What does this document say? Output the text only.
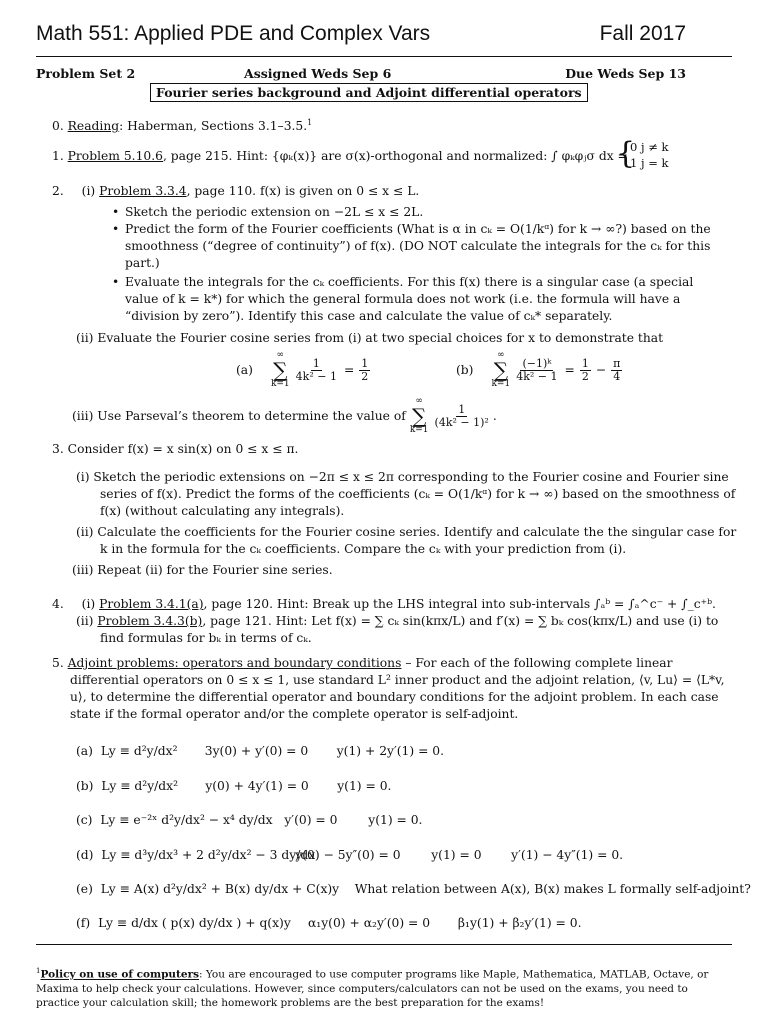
Math 551: Applied PDE and Complex Vars	Fall 2017
Problem Set 2	Assigned Weds Sep 6	Due Weds Sep 13
Fourier series background and Adjoint differential operators
0. Reading: Haberman, Sections 3.1–3.5.$^1$
1. Problem 5.10.6, page 215. Hint: {φₖ(x)} are σ(x)-orthogonal and normalized: ∫ φₖφⱼσ dx =
{
0 j ≠ k
1 j = k
2. (i) Problem 3.3.4, page 110. f(x) is given on 0 ≤ x ≤ L.
• Sketch the periodic extension on −2L ≤ x ≤ 2L.
• Predict the form of the Fourier coefficients (What is α in cₖ = O(1/kᵅ) for k → ∞?) based on the smoothness (“degree of continuity”) of f(x). (DO NOT calculate the integrals for the cₖ for this part.)
• Evaluate the integrals for the cₖ coefficients. For this f(x) there is a singular case (a special value of k = k*) for which the general formula does not work (i.e. the formula will have a “division by zero”). Identify this case and calculate the value of cₖ* separately.
(ii) Evaluate the Fourier cosine series from (i) at two special choices for x to demonstrate that
(a)
∞
∑
k=1
$\frac{1}{\text{4k² − 1}} = \frac{1}{2}$	(b)
∞
∑
k=1
$\frac{\text{(−1)ᵏ}}{\text{4k² − 1}} = \frac{1}{2} - \frac{\pi}{4}$
(iii) Use Parseval’s theorem to determine the value of
∞
∑
k=1
$\frac{1}{\text{(4k² − 1)²}}$ .
3. Consider f(x) = x sin(x) on 0 ≤ x ≤ π.
(i) Sketch the periodic extensions on −2π ≤ x ≤ 2π corresponding to the Fourier cosine and Fourier sine series of f(x). Predict the forms of the coefficients (cₖ = O(1/kᵅ) for k → ∞) based on the smoothness of f(x) (without calculating any integrals).
(ii) Calculate the coefficients for the Fourier cosine series. Identify and calculate the the singular case for k in the formula for the cₖ coefficients. Compare the cₖ with your prediction from (i).
(iii) Repeat (ii) for the Fourier sine series.
4. (i) Problem 3.4.1(a), page 120. Hint: Break up the LHS integral into sub-intervals ∫ₐᵇ = ∫ₐ^c⁻ + ∫_c⁺ᵇ.
(ii) Problem 3.4.3(b), page 121. Hint: Let f(x) = ∑ cₖ sin(kπx/L) and f′(x) = ∑ bₖ cos(kπx/L) and use (i) to find formulas for bₖ in terms of cₖ.
5. Adjoint problems: operators and boundary conditions – For each of the following complete linear differential operators on 0 ≤ x ≤ 1, use standard L² inner product and the adjoint relation, ⟨v, Lu⟩ = ⟨L*v, u⟩, to determine the differential operator and boundary conditions for the adjoint problem. In each case state if the formal operator and/or the complete operator is self-adjoint.
(a) Ly ≡ d²y/dx² 3y(0) + y′(0) = 0 y(1) + 2y′(1) = 0.
(b) Ly ≡ d²y/dx² y(0) + 4y′(1) = 0 y(1) = 0.
(c) Ly ≡ e⁻²ˣ d²y/dx² − x⁴ dy/dx y′(0) = 0	y(1) = 0.
(d) Ly ≡ d³y/dx³ + 2 d²y/dx² − 3 dy/dx y(0) − 5y″(0) = 0 y(1) = 0 y′(1) − 4y″(1) = 0.
(e) Ly ≡ A(x) d²y/dx² + B(x) dy/dx + C(x)y What relation between A(x), B(x) makes L formally self-adjoint?
(f) Ly ≡ d/dx ( p(x) dy/dx ) + q(x)y α₁y(0) + α₂y′(0) = 0 β₁y(1) + β₂y′(1) = 0.
$^1$Policy on use of computers: You are encouraged to use computer programs like Maple, Mathematica, MATLAB, Octave, or Maxima to help check your calculations. However, since computers/calculators can not be used on the exams, you need to practice your calculation skill; the homework problems are the best preparation for the exams!
